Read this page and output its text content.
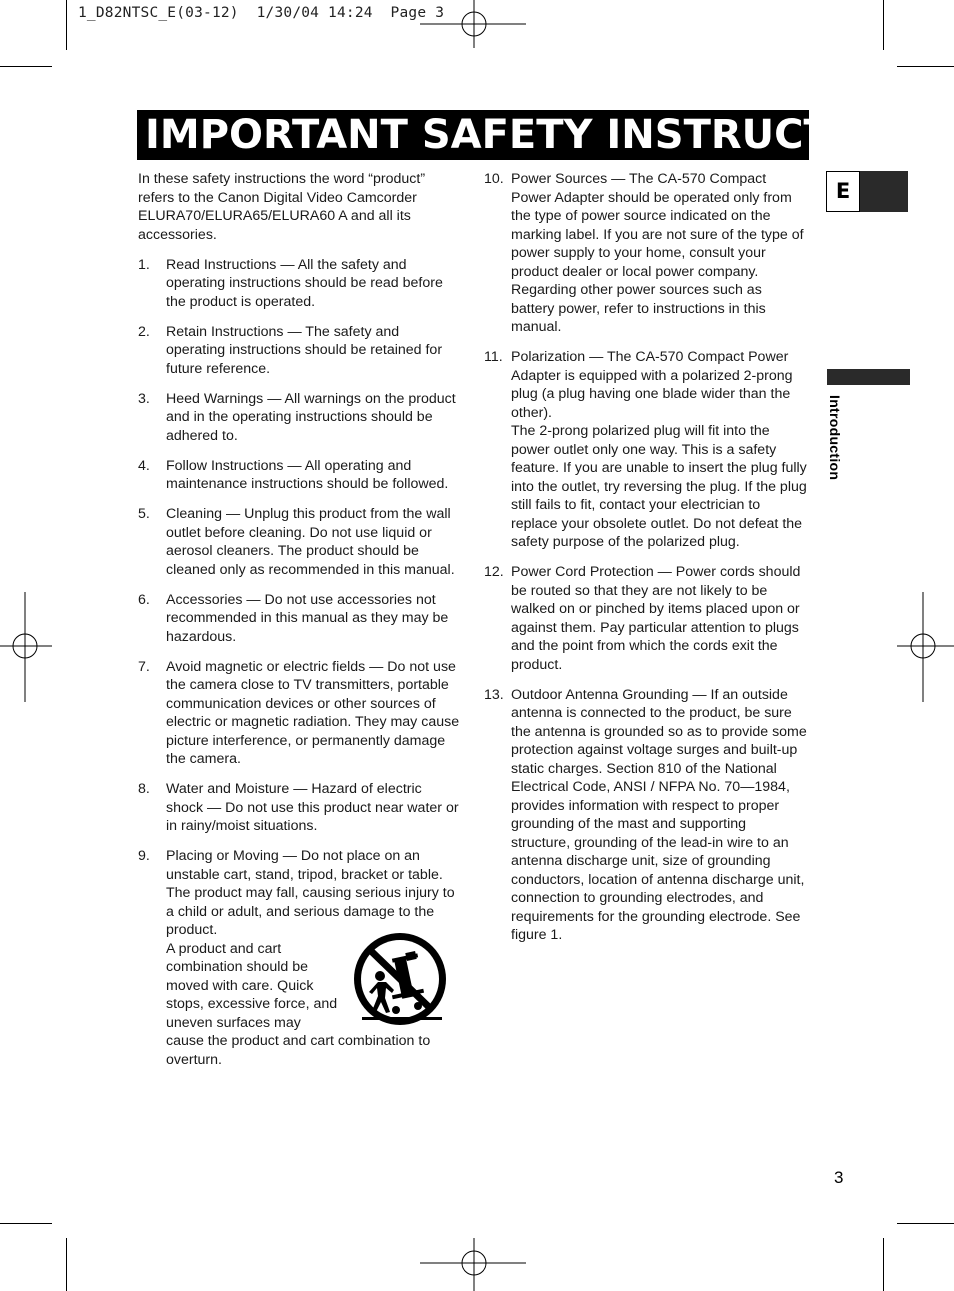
1_D82NTSC_E(03-12)  1/30/04 14:24  Page 3
IMPORTANT SAFETY INSTRUCTIONS
E
Introduction

In these safety instructions the word “product” refers to the Canon Digital Video Camcorder ELURA70/ELURA65/ELURA60 A and all its accessories.

1. Read Instructions — All the safety and operating instructions should be read before the product is operated.

2. Retain Instructions — The safety and operating instructions should be retained for future reference.

3. Heed Warnings — All warnings on the product and in the operating instructions should be adhered to.

4. Follow Instructions — All operating and maintenance instructions should be followed.

5. Cleaning — Unplug this product from the wall outlet before cleaning. Do not use liquid or aerosol cleaners. The product should be cleaned only as recommended in this manual.

6. Accessories — Do not use accessories not recommended in this manual as they may be hazardous.

7. Avoid magnetic or electric fields — Do not use the camera close to TV transmitters, portable communication devices or other sources of electric or magnetic radiation. They may cause picture interference, or permanently damage the camera.

8. Water and Moisture — Hazard of electric shock — Do not use this product near water or in rainy/moist situations.

9. Placing or Moving — Do not place on an unstable cart, stand, tripod, bracket or table. The product may fall, causing serious injury to a child or adult, and serious damage to the product.

A product and cart combination should be moved with care. Quick stops, excessive force, and uneven surfaces may

cause the product and cart combination to overturn.

10. Power Sources — The CA-570 Compact Power Adapter should be operated only from the type of power source indicated on the marking label. If you are not sure of the type of power supply to your home, consult your product dealer or local power company. Regarding other power sources such as battery power, refer to instructions in this manual.

11. Polarization — The CA-570 Compact Power Adapter is equipped with a polarized 2-prong plug (a plug having one blade wider than the other).

The 2-prong polarized plug will fit into the power outlet only one way. This is a safety feature. If you are unable to insert the plug fully into the outlet, try reversing the plug. If the plug still fails to fit, contact your electrician to replace your obsolete outlet. Do not defeat the safety purpose of the polarized plug.

12. Power Cord Protection — Power cords should be routed so that they are not likely to be walked on or pinched by items placed upon or against them. Pay particular attention to plugs and the point from which the cords exit the product.

13. Outdoor Antenna Grounding — If an outside antenna is connected to the product, be sure the antenna is grounded so as to provide some protection against voltage surges and built-up static charges. Section 810 of the National Electrical Code, ANSI / NFPA No. 70—1984, provides information with respect to proper grounding of the mast and supporting structure, grounding of the lead-in wire to an antenna discharge unit, size of grounding conductors, location of antenna discharge unit, connection to grounding electrodes, and requirements for the grounding electrode. See figure 1.

3
